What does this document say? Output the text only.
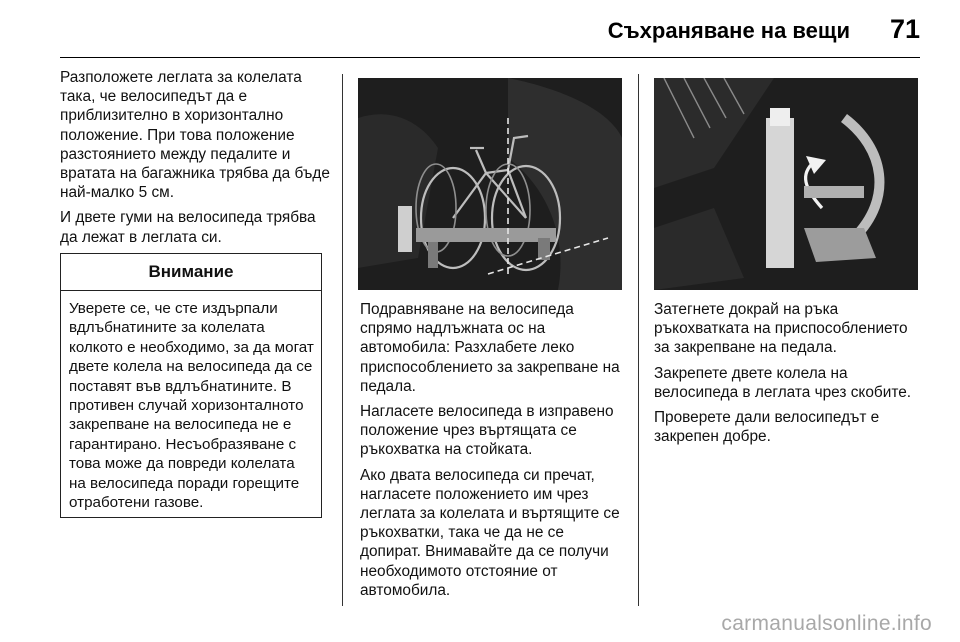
Съхраняване на вещи 71

Разположете леглата за колелата така, че велосипедът да е приблизително в хоризонтално положение. При това положение разстоянието между педалите и вратата на багажника трябва да бъде най-малко 5 см.

И двете гуми на велосипеда трябва да лежат в леглата си.

Внимание
Уверете се, че сте издърпали вдлъбнатините за колелата колкото е необходимо, за да могат двете колела на велосипеда да се поставят във вдлъбнатините. В противен случай хоризонталното закрепване на велосипеда не е гарантирано. Несъобразяване с това може да повреди колелата на велосипеда поради горещите отработени газове.

Подравняване на велосипеда спрямо надлъжната ос на автомобила: Разхлабете леко приспособлението за закрепване на педала.

Нагласете велосипеда в изправено положение чрез въртящата се ръкохватка на стойката.

Ако двата велосипеда си пречат, нагласете положението им чрез леглата за колелата и въртящите се ръкохватки, така че да не се допират. Внимавайте да се получи необходимото отстояние от автомобила.

Затегнете докрай на ръка ръкохватката на приспособлението за закрепване на педала.

Закрепете двете колела на велосипеда в леглата чрез скобите.

Проверете дали велосипедът е закрепен добре.

carmanualsonline.info
